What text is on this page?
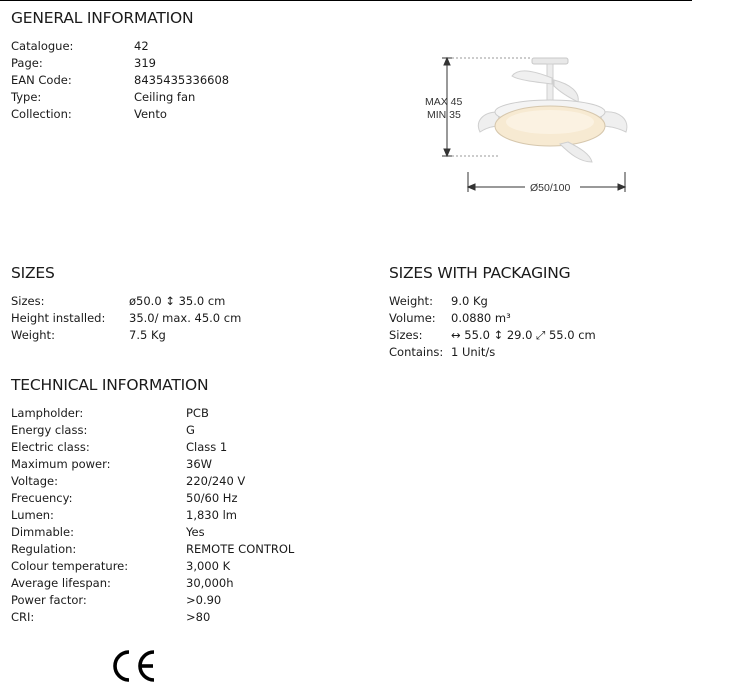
GENERAL INFORMATION
Catalogue:	42
Page:	319
EAN Code:	8435435336608
Type:	Ceiling fan
Collection:	Vento
MAX 45
MIN 35
Ø50/100
SIZES
Sizes:	ø50.0 ↕ 35.0 cm
Height installed:	35.0/ max. 45.0 cm
Weight:	7.5 Kg
SIZES WITH PACKAGING
Weight:	9.0 Kg
Volume:	0.0880 m³
Sizes:	↔ 55.0 ↕ 29.0 ⤢ 55.0 cm
Contains: 1 Unit/s
TECHNICAL INFORMATION
Lampholder:	PCB
Energy class:	G
Electric class:	Class 1
Maximum power:	36W
Voltage:	220/240 V
Frecuency:	50/60 Hz
Lumen:	1,830 lm
Dimmable:	Yes
Regulation:	REMOTE CONTROL
Colour temperature:	3,000 K
Average lifespan:	30,000h
Power factor:	>0.90
CRI:	>80
